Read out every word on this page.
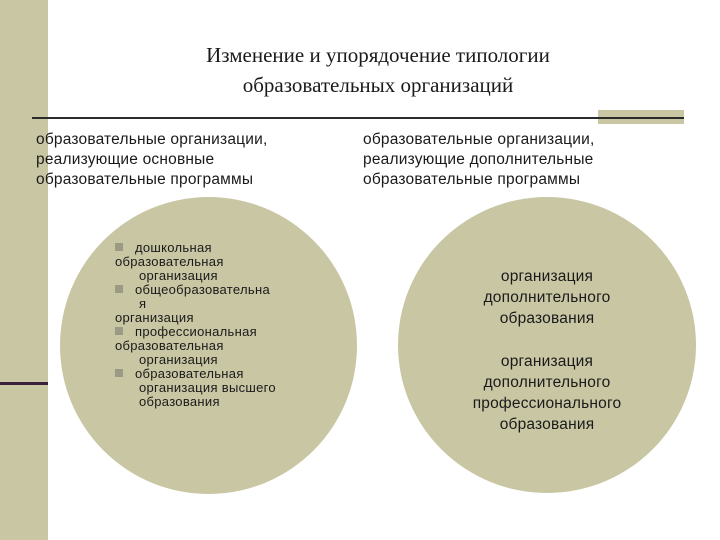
Изменение и упорядочение типологии
образовательных организаций
образовательные организации,
реализующие основные
образовательные программы
образовательные организации,
реализующие дополнительные
образовательные программы
дошкольная
образовательная
организация
общеобразовательна
я
организация
профессиональная
образовательная
организация
образовательная
организация высшего
образования
организация
дополнительного
образования
организация
дополнительного
профессионального
образования
